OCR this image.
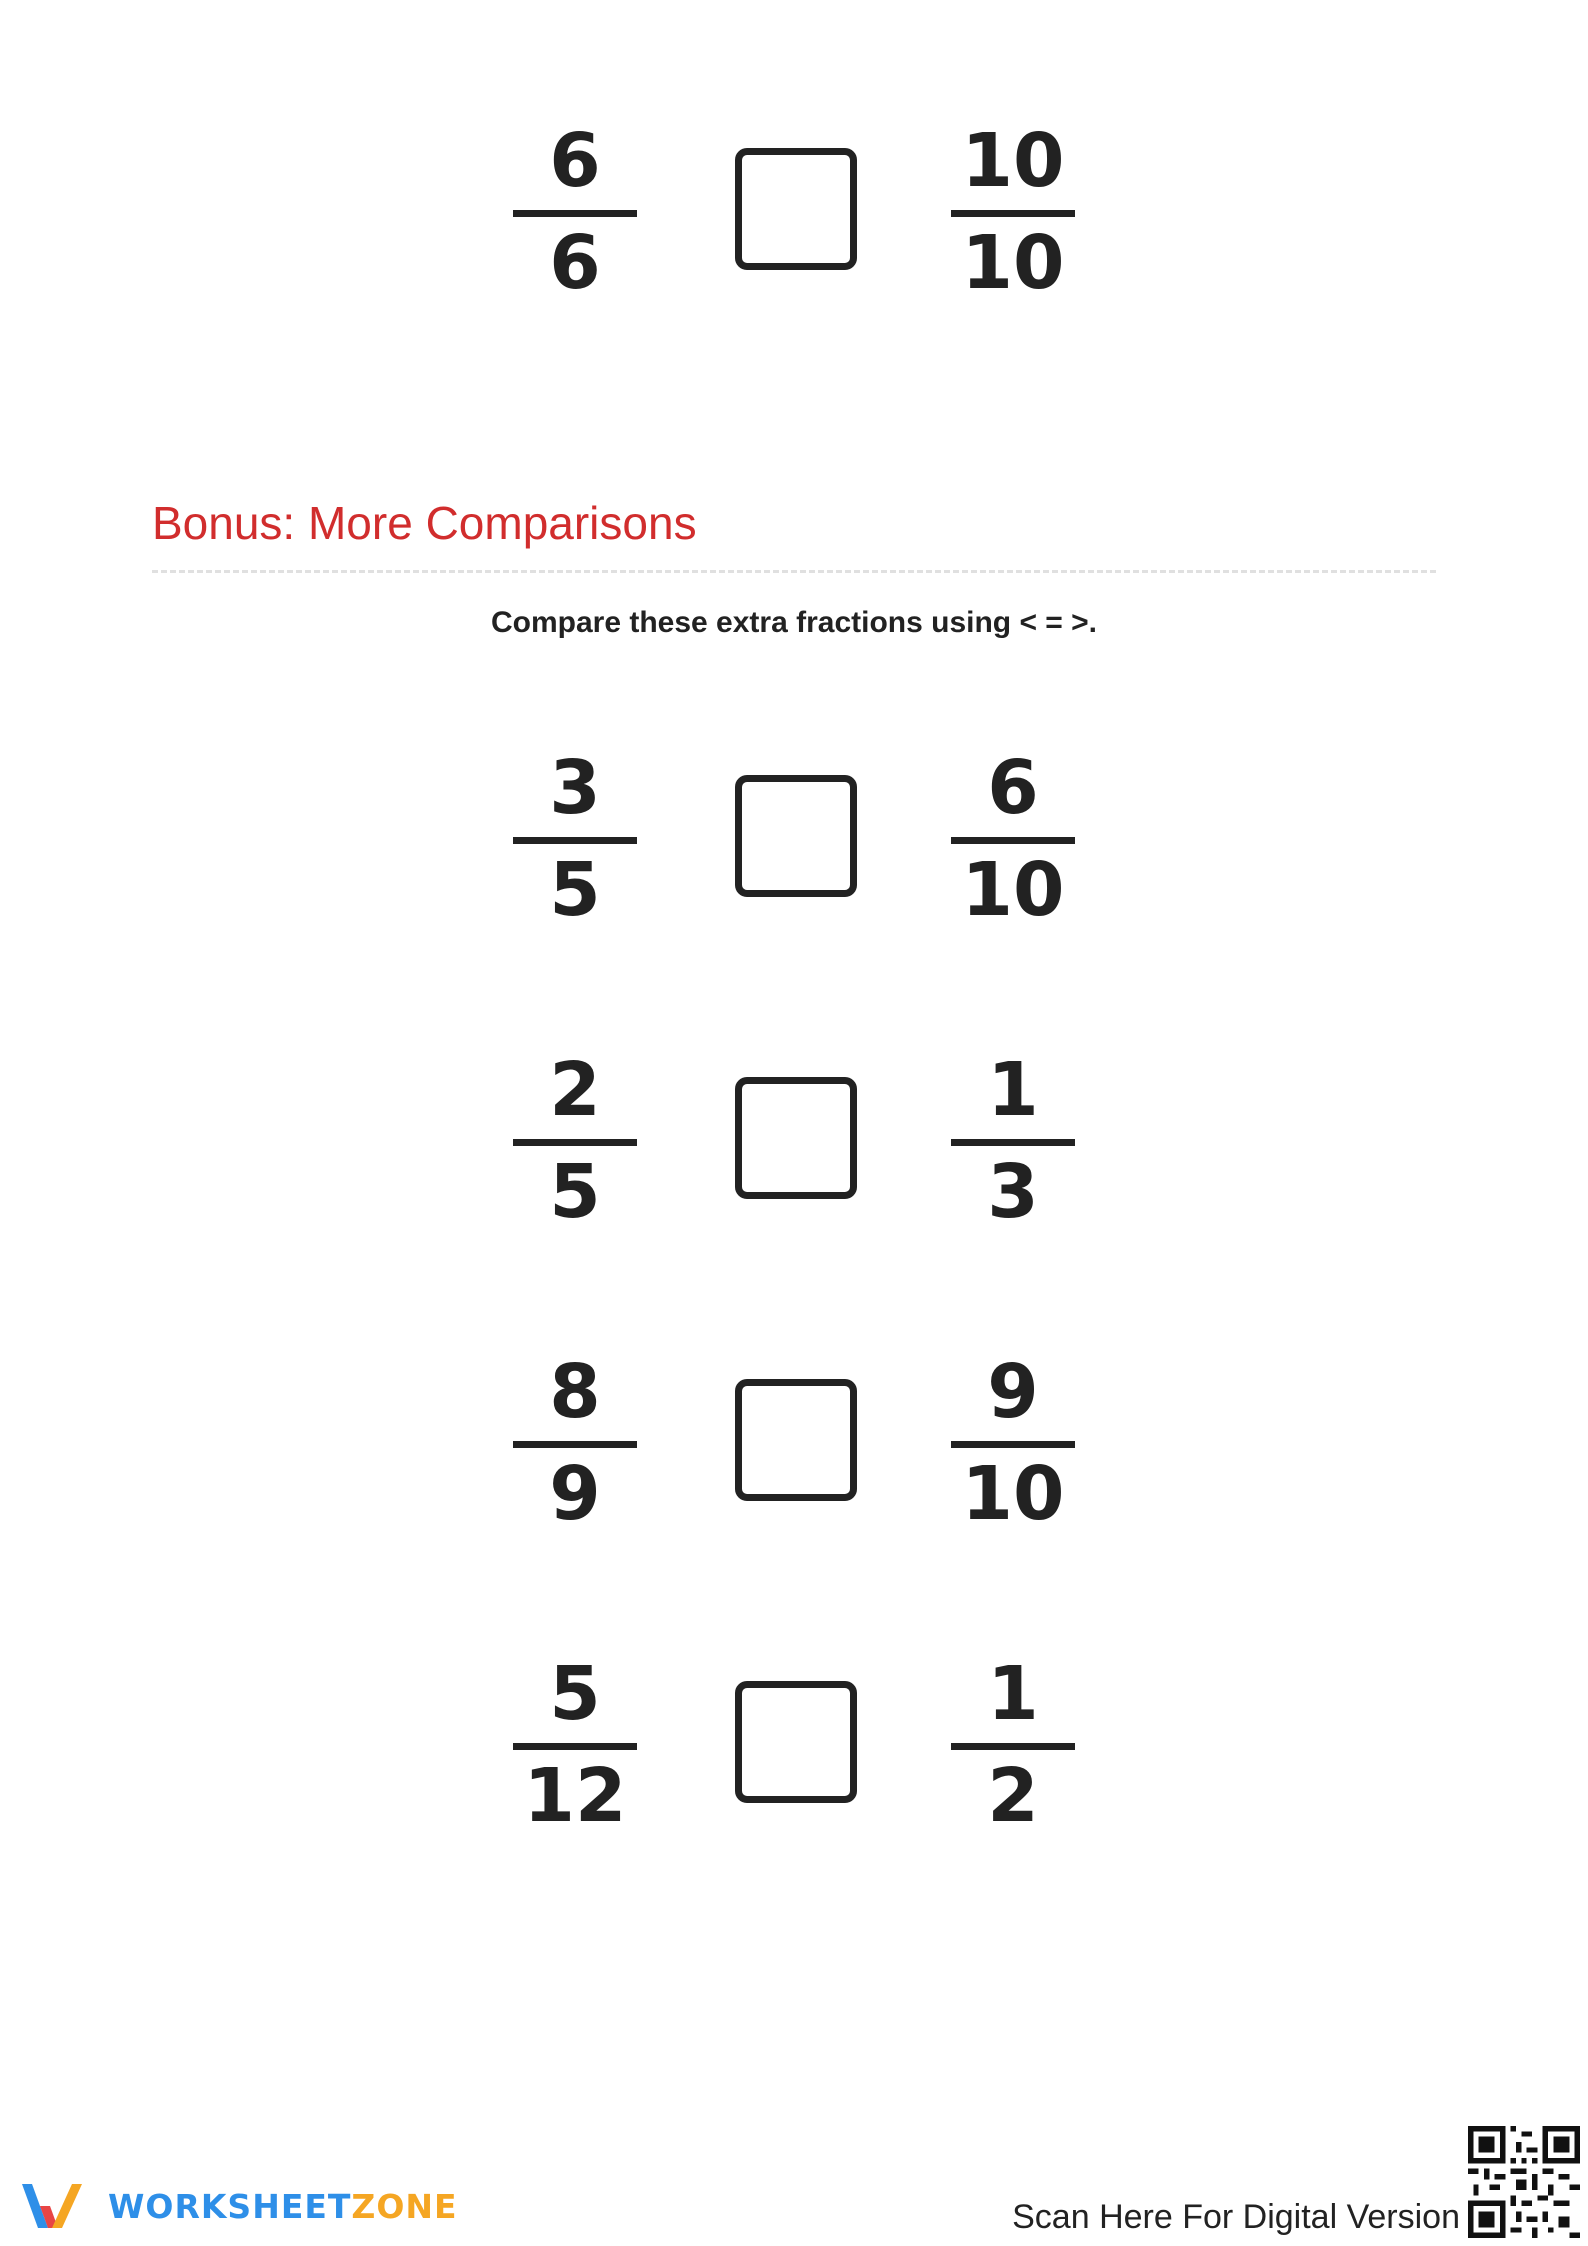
6
6
10
10
Bonus: More Comparisons
Compare these extra fractions using < = >.
3
5
6
10
2
5
1
3
8
9
9
10
5
12
1
2
WORKSHEETZONE	Scan Here For Digital Version
